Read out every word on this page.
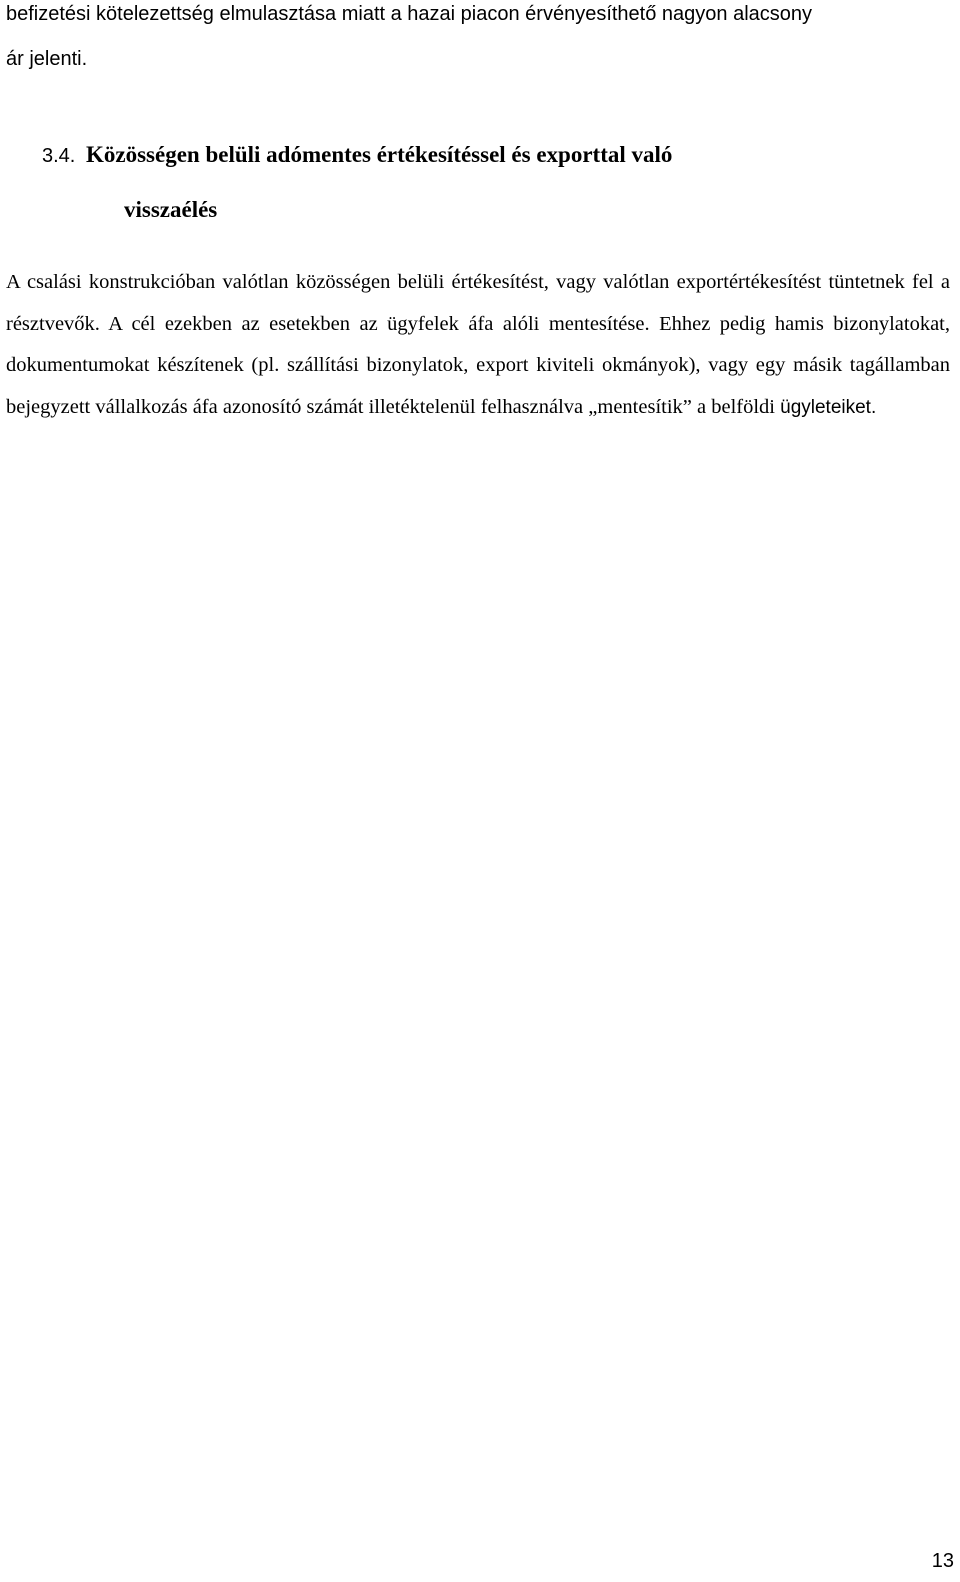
befizetési kötelezettség elmulasztása miatt a hazai piacon érvényesíthető nagyon alacsony
ár jelenti.

3.4. Közösségen belüli adómentes értékesítéssel és exporttal való
visszaélés

A csalási konstrukcióban valótlan közösségen belüli értékesítést, vagy valótlan exportértékesítést tüntetnek fel a résztvevők. A cél ezekben az esetekben az ügyfelek áfa alóli mentesítése. Ehhez pedig hamis bizonylatokat, dokumentumokat készítenek (pl. szállítási bizonylatok, export kiviteli okmányok), vagy egy másik tagállamban bejegyzett vállalkozás áfa azonosító számát illetéktelenül felhasználva „mentesítik” a belföldi ügyleteiket.

13
